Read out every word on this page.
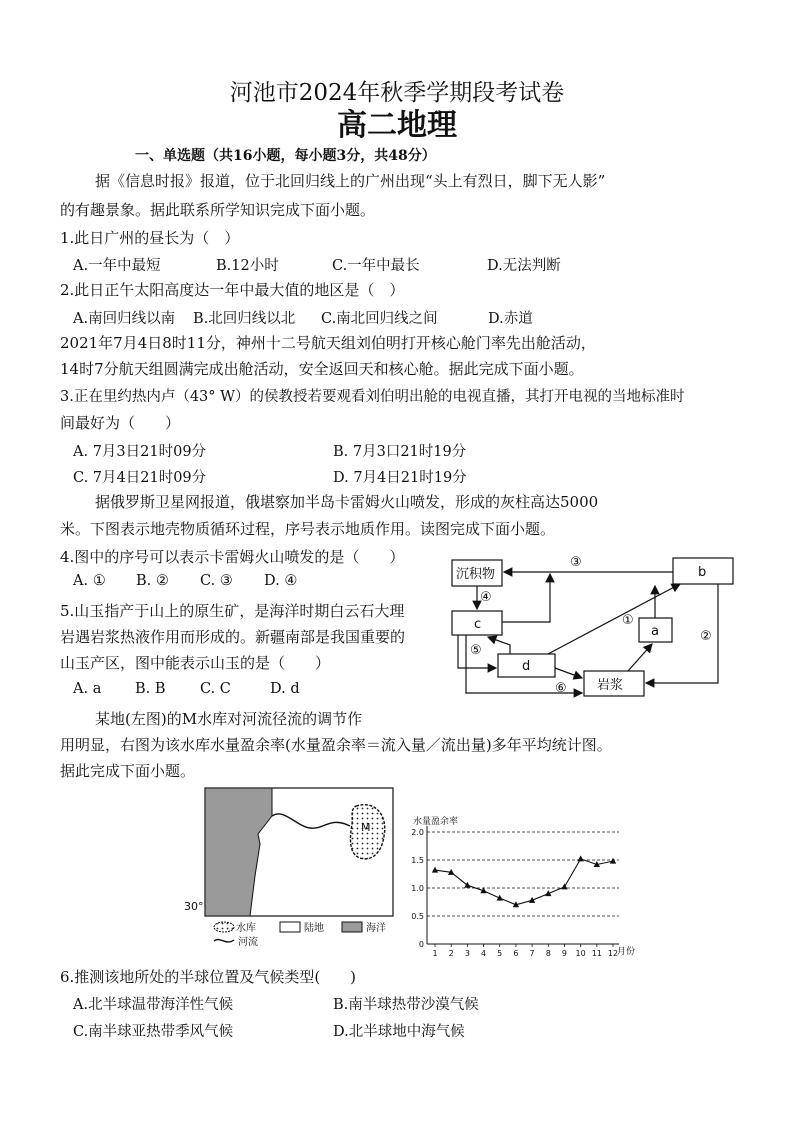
河池市2024年秋季学期段考试卷
高二地理
一、单选题（共16小题，每小题3分，共48分）
据《信息时报》报道，位于北回归线上的广州出现“头上有烈日，脚下无人影”
的有趣景象。据此联系所学知识完成下面小题。
1.此日广州的昼长为（　）
A.一年中最短	B.12小时	C.一年中最长	D.无法判断
2.此日正午太阳高度达一年中最大值的地区是（　）
A.南回归线以南 B.北回归线以北 C.南北回归线之间	D.赤道
2021年7月4日8时11分，神州十二号航天组刘伯明打开核心舱门率先出舱活动，
14时7分航天组圆满完成出舱活动，安全返回天和核心舱。据此完成下面小题。
3.正在里约热内卢（43° W）的侯教授若要观看刘伯明出舱的电视直播，其打开电视的当地标准时
间最好为（　　）
A. 7月3日21时09分	B. 7月3口21时19分
C. 7月4日21时09分	D. 7月4日21时19分
据俄罗斯卫星网报道，俄堪察加半岛卡雷姆火山喷发，形成的灰柱高达5000
米。下图表示地壳物质循环过程，序号表示地质作用。读图完成下面小题。
4.图中的序号可以表示卡雷姆火山喷发的是（　　）
A. ① B. ② C. ③ D. ④
5.山玉指产于山上的原生矿，是海洋时期白云石大理
岩遇岩浆热液作用而形成的。新疆南部是我国重要的
山玉产区，图中能表示山玉的是（　　）
A. a B. B C. C	D. d
沉积物	b
c	a
d
岩浆
③
④
①
②
⑤
⑥
某地(左图)的M水库对河流径流的调节作
用明显，右图为该水库水量盈余率(水量盈余率＝流入量／流出量)多年平均统计图。
据此完成下面小题。
M
30°
水库	陆地	海洋
河流
水量盈余率
0
0.5
1.0
1.5
2.0
1 2 3 4 5 6 7 8 9 10 11 12
月份
6.推测该地所处的半球位置及气候类型(　　)
A.北半球温带海洋性气候	B.南半球热带沙漠气候
C.南半球亚热带季风气候	D.北半球地中海气候
